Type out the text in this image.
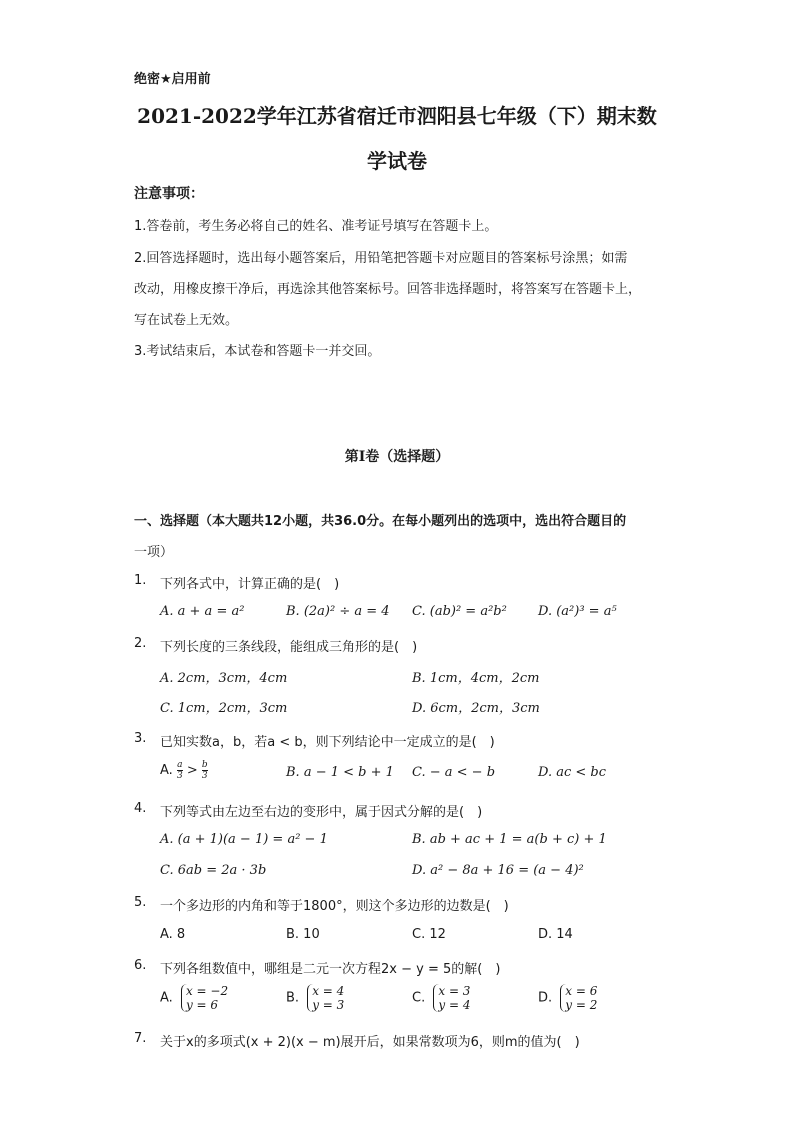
绝密★启用前
2021-2022学年江苏省宿迁市泗阳县七年级（下）期末数
学试卷
注意事项：
1.答卷前，考生务必将自己的姓名、准考证号填写在答题卡上。
2.回答选择题时，选出每小题答案后，用铅笔把答题卡对应题目的答案标号涂黑；如需
改动，用橡皮擦干净后，再选涂其他答案标号。回答非选择题时，将答案写在答题卡上，
写在试卷上无效。
3.考试结束后，本试卷和答题卡一并交回。
第I卷（选择题）
一、选择题（本大题共12小题，共36.0分。在每小题列出的选项中，选出符合题目的
一项）
1. 下列各式中，计算正确的是(　)
A. a + a = a²	B. (2a)² ÷ a = 4 C. (ab)² = a²b² D. (a²)³ = a⁵
2. 下列长度的三条线段，能组成三角形的是(　)
A. 2cm，3cm，4cm	B. 1cm，4cm，2cm
C. 1cm，2cm，3cm	D. 6cm，2cm，3cm
3. 已知实数a，b，若a < b，则下列结论中一定成立的是(　)
A. $\frac{a}{3} > \frac{b}{3}$	B. a − 1 < b + 1 C. − a < − b	D. ac < bc
4. 下列等式由左边至右边的变形中，属于因式分解的是(　)
A. (a + 1)(a − 1) = a² − 1	B. ab + ac + 1 = a(b + c) + 1
C. 6ab = 2a · 3b	D. a² − 8a + 16 = (a − 4)²
5. 一个多边形的内角和等于1800°，则这个多边形的边数是(　)
A. 8	B. 10	C. 12	D. 14
6. 下列各组数值中，哪组是二元一次方程2x − y = 5的解(　)
A. x = −2
y = 6	B. x = 4
y = 3	C. x = 3
y = 4	D. x = 6
y = 2
7. 关于x的多项式(x + 2)(x − m)展开后，如果常数项为6，则m的值为(　)
